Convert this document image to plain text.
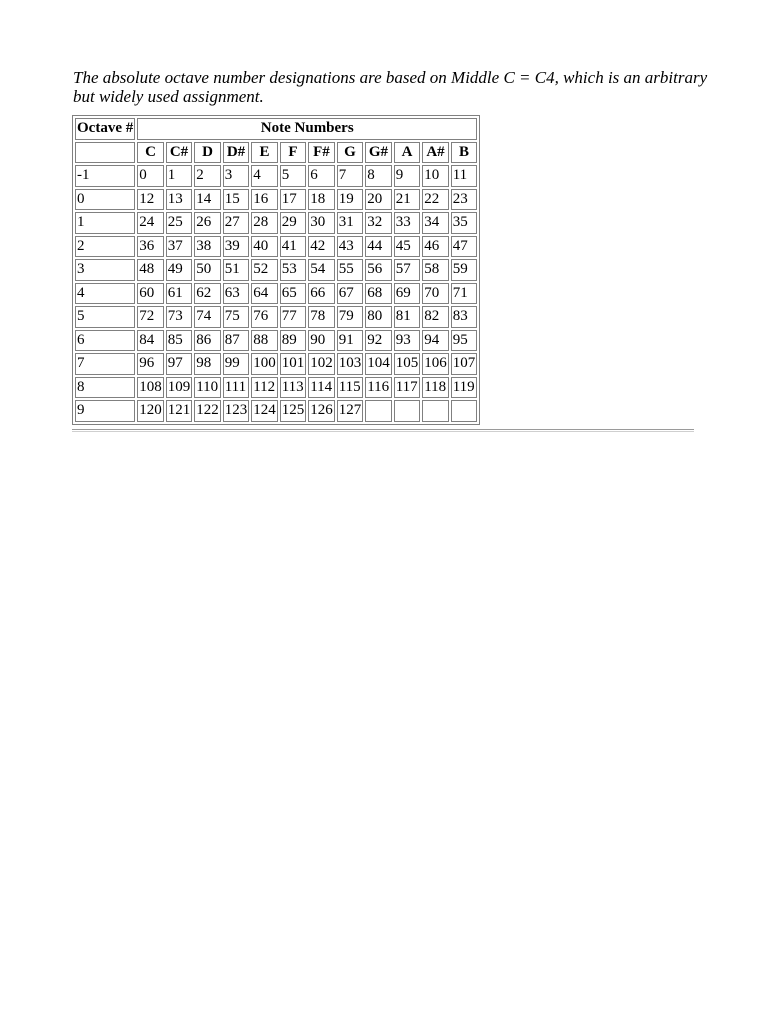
The absolute octave number designations are based on Middle C = C4, which is an arbitrary but widely used assignment.

Octave #	Note Numbers											
	C	C#	D	D#	E	F	F#	G	G#	A	A#	B
-1	0	1	2	3	4	5	6	7	8	9	10	11
0	12	13	14	15	16	17	18	19	20	21	22	23
1	24	25	26	27	28	29	30	31	32	33	34	35
2	36	37	38	39	40	41	42	43	44	45	46	47
3	48	49	50	51	52	53	54	55	56	57	58	59
4	60	61	62	63	64	65	66	67	68	69	70	71
5	72	73	74	75	76	77	78	79	80	81	82	83
6	84	85	86	87	88	89	90	91	92	93	94	95
7	96	97	98	99	100	101	102	103	104	105	106	107
8	108	109	110	111	112	113	114	115	116	117	118	119
9	120	121	122	123	124	125	126	127				
